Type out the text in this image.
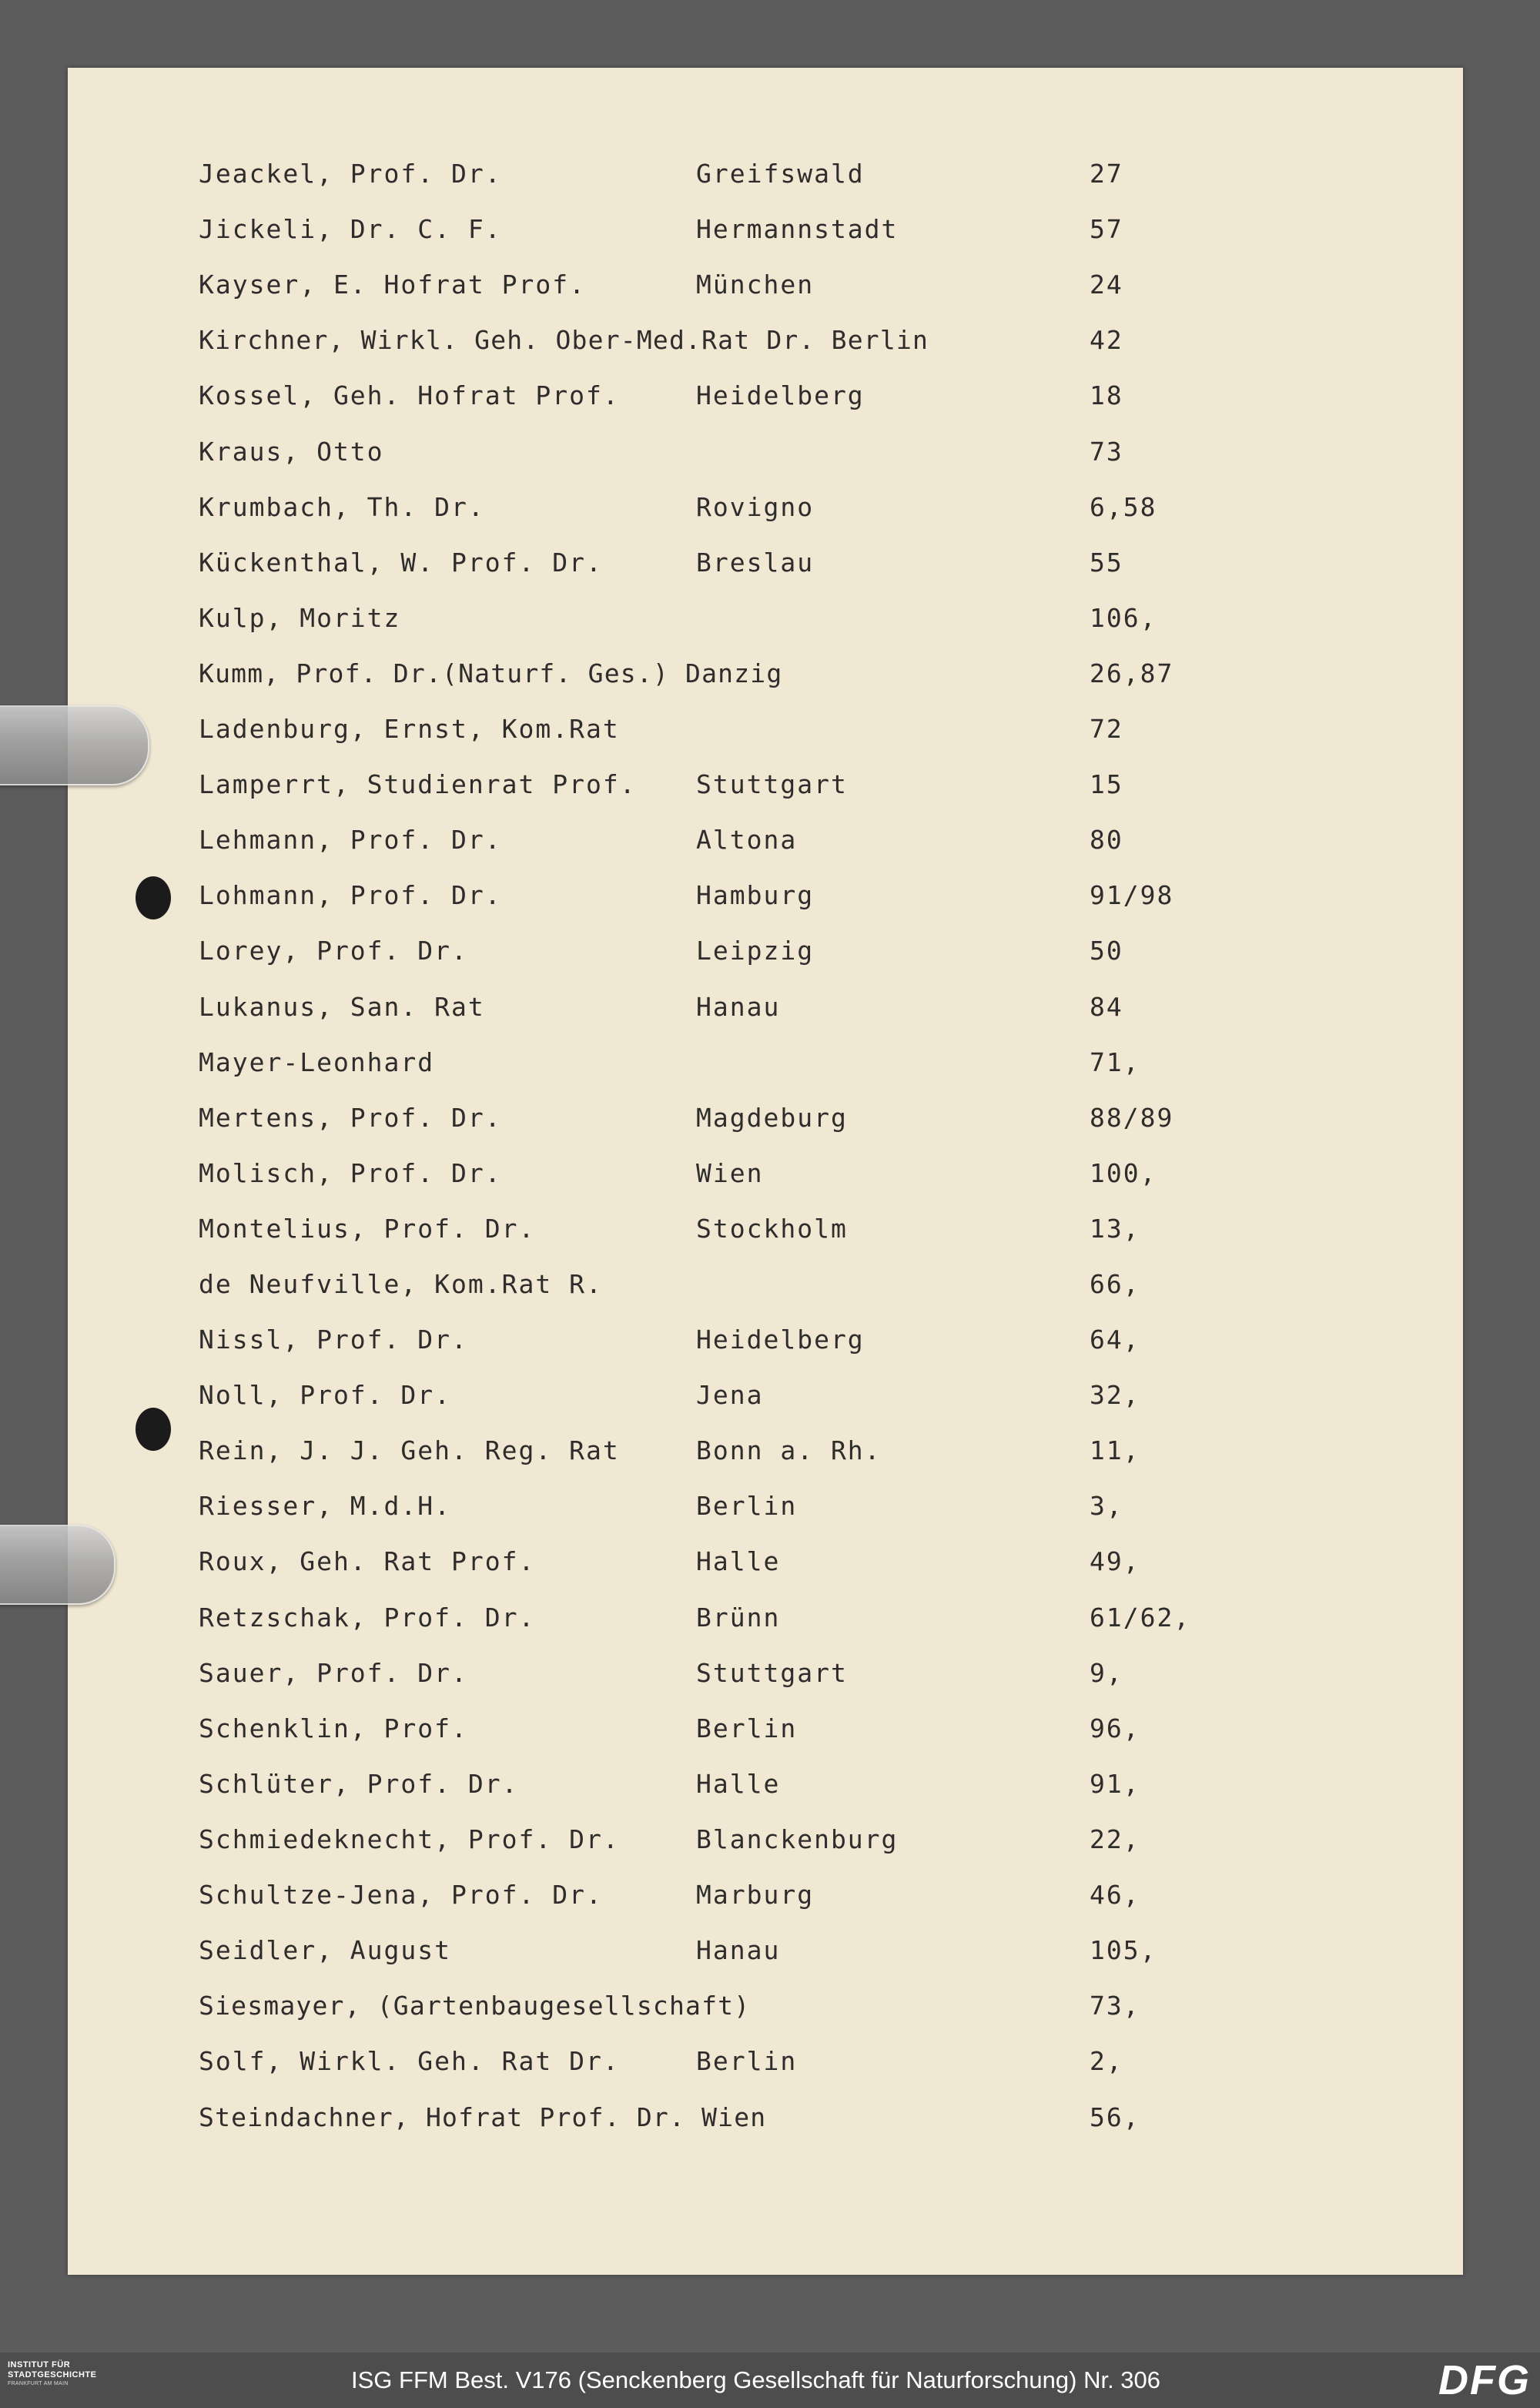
Jeackel, Prof. Dr.	Greifswald	27
Jickeli, Dr. C. F.	Hermannstadt	57
Kayser, E. Hofrat Prof.	München	24
Kirchner, Wirkl. Geh. Ober-Med.Rat Dr. Berlin	42
Kossel, Geh. Hofrat Prof.	Heidelberg	18
Kraus, Otto	73
Krumbach, Th. Dr.	Rovigno	6,58
Kückenthal, W. Prof. Dr.	Breslau	55
Kulp, Moritz	106,
Kumm, Prof. Dr.(Naturf. Ges.) Danzig	26,87
Ladenburg, Ernst, Kom.Rat	72
Lamperrt, Studienrat Prof. Stuttgart	15
Lehmann, Prof. Dr.	Altona	80
Lohmann, Prof. Dr.	Hamburg	91/98
Lorey, Prof. Dr.	Leipzig	50
Lukanus, San. Rat	Hanau	84
Mayer-Leonhard	71,
Mertens, Prof. Dr.	Magdeburg	88/89
Molisch, Prof. Dr.	Wien	100,
Montelius, Prof. Dr.	Stockholm	13,
de Neufville, Kom.Rat R.	66,
Nissl, Prof. Dr.	Heidelberg	64,
Noll, Prof. Dr.	Jena	32,
Rein, J. J. Geh. Reg. Rat	Bonn a. Rh.	11,
Riesser, M.d.H.	Berlin	3,
Roux, Geh. Rat Prof.	Halle	49,
Retzschak, Prof. Dr.	Brünn	61/62,
Sauer, Prof. Dr.	Stuttgart	9,
Schenklin, Prof.	Berlin	96,
Schlüter, Prof. Dr.	Halle	91,
Schmiedeknecht, Prof. Dr.	Blanckenburg	22,
Schultze-Jena, Prof. Dr.	Marburg	46,
Seidler, August	Hanau	105,
Siesmayer, (Gartenbaugesellschaft)	73,
Solf, Wirkl. Geh. Rat Dr.	Berlin	2,
Steindachner, Hofrat Prof. Dr. Wien	56,
INSTITUT FÜR
STADTGESCHICHTE
FRANKFURT AM MAIN	ISG FFM Best. V176 (Senckenberg Gesellschaft für Naturforschung) Nr. 306	DFG
